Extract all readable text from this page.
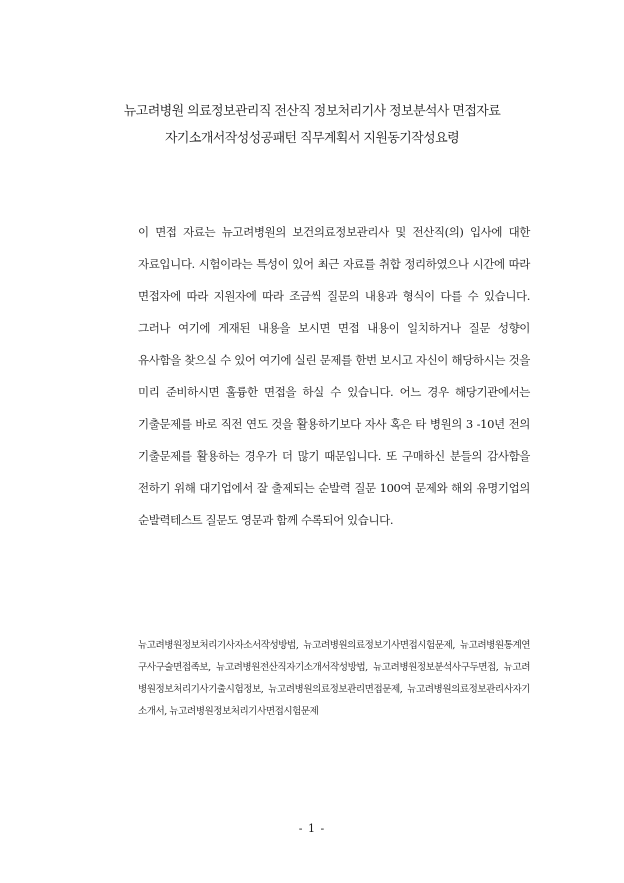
뉴고려병원 의료정보관리직 전산직 정보처리기사 정보분석사 면접자료
자기소개서작성성공패턴 직무계획서 지원동기작성요령
이 면접 자료는 뉴고려병원의 보건의료정보관리사 및 전산직(의) 입사에 대한 자료입니다. 시험이라는 특성이 있어 최근 자료를 취합 정리하였으나 시간에 따라 면접자에 따라 지원자에 따라 조금씩 질문의 내용과 형식이 다를 수 있습니다. 그러나 여기에 게재된 내용을 보시면 면접 내용이 일치하거나 질문 성향이 유사함을 찾으실 수 있어 여기에 실린 문제를 한번 보시고 자신이 해당하시는 것을 미리 준비하시면 훌륭한 면접을 하실 수 있습니다. 어느 경우 해당기관에서는 기출문제를 바로 직전 연도 것을 활용하기보다 자사 혹은 타 병원의 3 -10년 전의 기출문제를 활용하는 경우가 더 많기 때문입니다. 또 구매하신 분들의 감사함을 전하기 위해 대기업에서 잘 출제되는 순발력 질문 100여 문제와 해외 유명기업의 순발력테스트 질문도 영문과 함께 수록되어 있습니다.
뉴고려병원정보처리기사자소서작성방법, 뉴고려병원의료정보기사면접시험문제, 뉴고려병원통계연구사구술면접족보, 뉴고려병원전산직자기소개서작성방법, 뉴고려병원정보분석사구두면접, 뉴고려병원정보처리기사기출시험정보, 뉴고려병원의료정보관리면접문제, 뉴고려병원의료정보관리사자기소개서, 뉴고려병원정보처리기사면접시험문제
- 1 -
